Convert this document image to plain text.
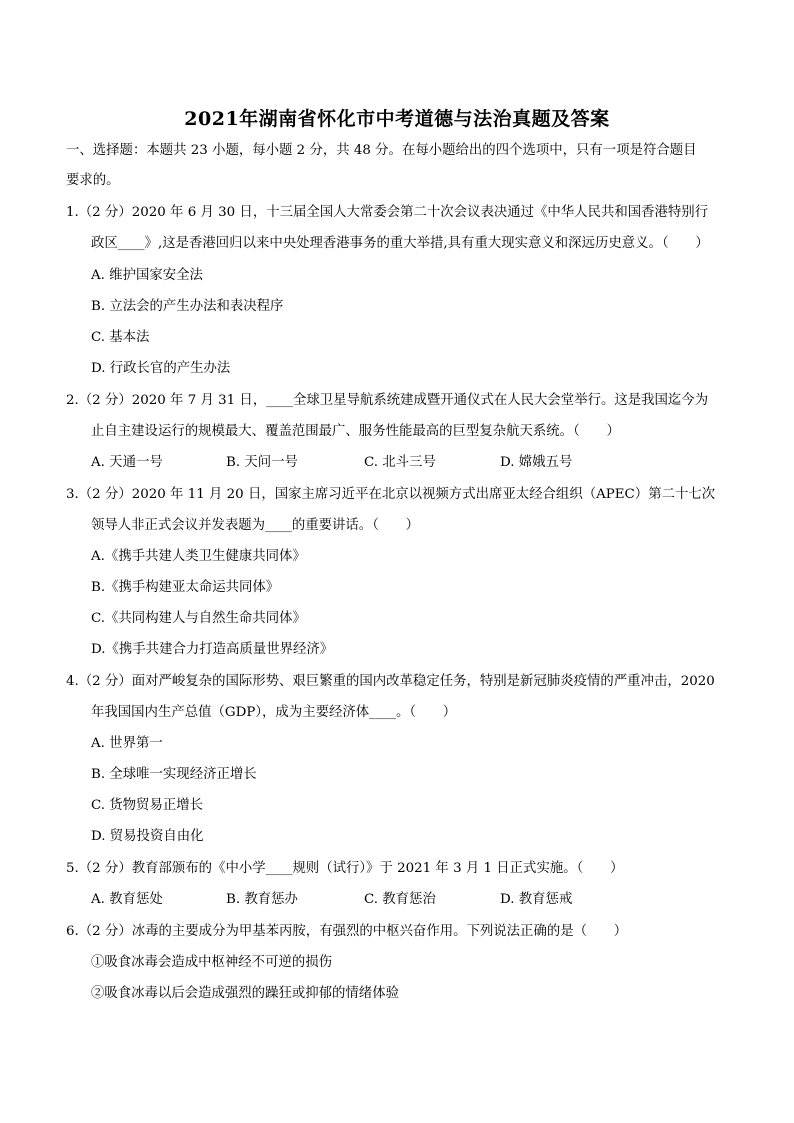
2021年湖南省怀化市中考道德与法治真题及答案
一、选择题：本题共 23 小题，每小题 2 分，共 48 分。在每小题给出的四个选项中，只有一项是符合题目
要求的。
1.（2 分）2020 年 6 月 30 日，十三届全国人大常委会第二十次会议表决通过《中华人民共和国香港特别行
政区____》,这是香港回归以来中央处理香港事务的重大举措,具有重大现实意义和深远历史意义。（　　）
A. 维护国家安全法
B. 立法会的产生办法和表决程序
C. 基本法
D. 行政长官的产生办法
2.（2 分）2020 年 7 月 31 日，____全球卫星导航系统建成暨开通仪式在人民大会堂举行。这是我国迄今为
止自主建设运行的规模最大、覆盖范围最广、服务性能最高的巨型复杂航天系统。（　　）
A. 天通一号	B. 天问一号	C. 北斗三号	D. 嫦娥五号
3.（2 分）2020 年 11 月 20 日，国家主席习近平在北京以视频方式出席亚太经合组织（APEC）第二十七次
领导人非正式会议并发表题为____的重要讲话。（　　）
A.《携手共建人类卫生健康共同体》
B.《携手构建亚太命运共同体》
C.《共同构建人与自然生命共同体》
D.《携手共建合力打造高质量世界经济》
4.（2 分）面对严峻复杂的国际形势、艰巨繁重的国内改革稳定任务，特别是新冠肺炎疫情的严重冲击，2020
年我国国内生产总值（GDP），成为主要经济体____。（　　）
A. 世界第一
B. 全球唯一实现经济正增长
C. 货物贸易正增长
D. 贸易投资自由化
5.（2 分）教育部颁布的《中小学____规则（试行）》于 2021 年 3 月 1 日正式实施。（　　）
A. 教育惩处	B. 教育惩办	C. 教育惩治	D. 教育惩戒
6.（2 分）冰毒的主要成分为甲基苯丙胺，有强烈的中枢兴奋作用。下列说法正确的是（　　）
①吸食冰毒会造成中枢神经不可逆的损伤
②吸食冰毒以后会造成强烈的躁狂或抑郁的情绪体验
